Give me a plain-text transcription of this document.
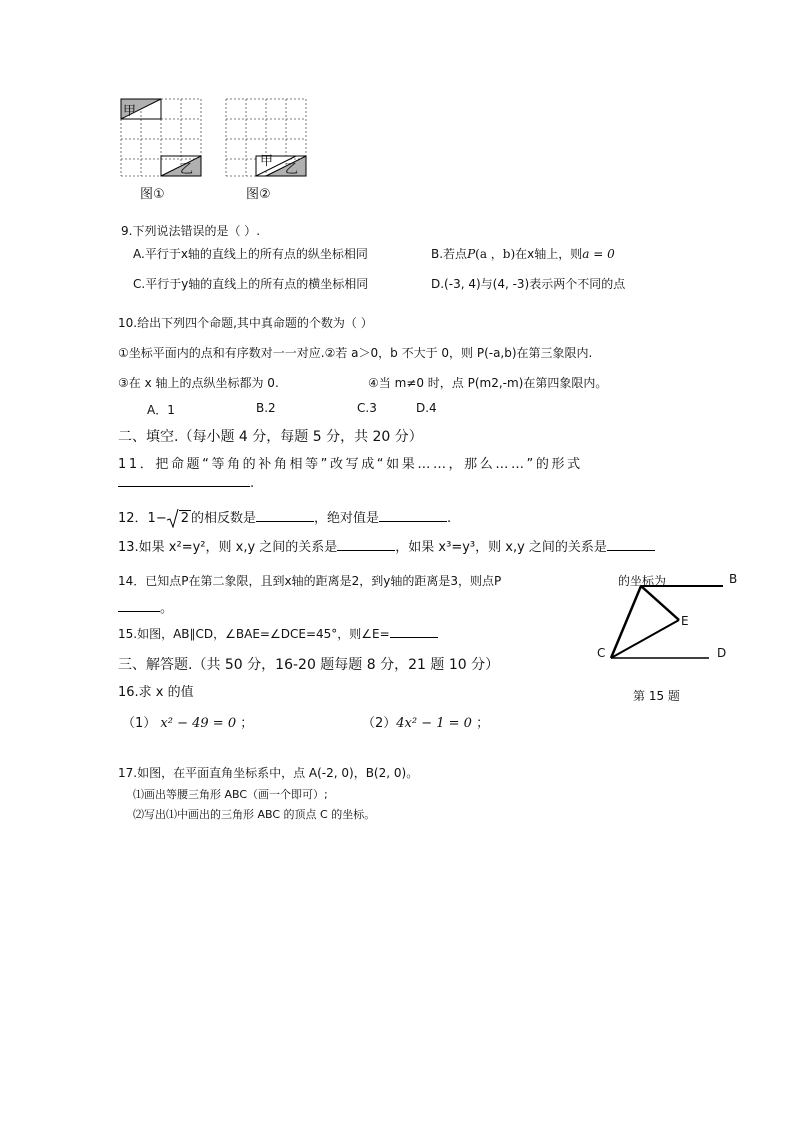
甲
乙
图①
甲
乙
图②
9.下列说法错误的是（ ）.
A.平行于x轴的直线上的所有点的纵坐标相同	B.若点P(a ，b)在x轴上，则a = 0
C.平行于y轴的直线上的所有点的横坐标相同	D.(-3, 4)与(4, -3)表示两个不同的点
10.给出下列四个命题,其中真命题的个数为（ ）
①坐标平面内的点和有序数对一一对应.②若 a＞0，b 不大于 0，则 P(-a,b)在第三象限内.
③在 x 轴上的点纵坐标都为 0.	④当 m≠0 时，点 P(m2,-m)在第四象限内。
A．1	B.2	C.3	D.4
二、填空.（每小题 4 分，每题 5 分，共 20 分）
11．把命题“等角的补角相等”改写成“如果……，那么……”的形式
.
12．1− 2 的相反数是	，绝对值是	.
13.如果 x²=y²，则 x,y 之间的关系是	，如果 x³=y³，则 x,y 之间的关系是
14．已知点P在第二象限，且到x轴的距离是2，到y轴的距离是3，则点P	的坐标为
。
15.如图，AB∥CD，∠BAE=∠DCE=45°，则∠E=
B
E
C	D
第 15 题
三、解答题.（共 50 分，16-20 题每题 8 分，21 题 10 分）
16.求 x 的值
（1） x² − 49 = 0 ；	（2）4x² − 1 = 0 ；
17.如图，在平面直角坐标系中，点 A(-2, 0)，B(2, 0)。
⑴画出等腰三角形 ABC（画一个即可）;
⑵写出⑴中画出的三角形 ABC 的顶点 C 的坐标。
